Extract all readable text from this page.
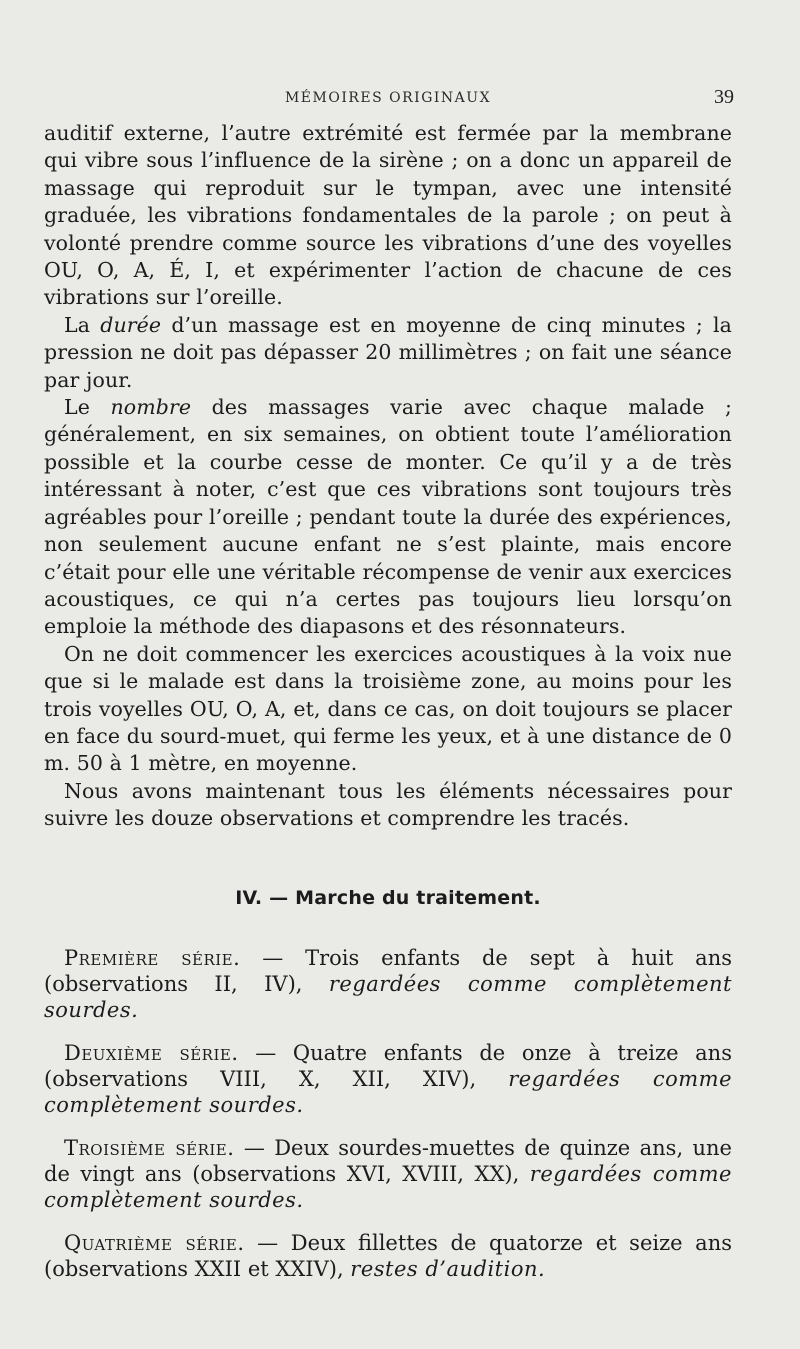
MÉMOIRES ORIGINAUX	39

auditif externe, l’autre extrémité est fermée par la membrane qui vibre sous l’influence de la sirène ; on a donc un appareil de massage qui reproduit sur le tympan, avec une intensité graduée, les vibrations fondamentales de la parole ; on peut à volonté prendre comme source les vibrations d’une des voyelles OU, O, A, É, I, et expérimenter l’action de chacune de ces vibrations sur l’oreille.

La durée d’un massage est en moyenne de cinq minutes ; la pression ne doit pas dépasser 20 millimètres ; on fait une séance par jour.

Le nombre des massages varie avec chaque malade ; généralement, en six semaines, on obtient toute l’amélioration possible et la courbe cesse de monter. Ce qu’il y a de très intéressant à noter, c’est que ces vibrations sont toujours très agréables pour l’oreille ; pendant toute la durée des expériences, non seulement aucune enfant ne s’est plainte, mais encore c’était pour elle une véritable récompense de venir aux exercices acoustiques, ce qui n’a certes pas toujours lieu lorsqu’on emploie la méthode des diapasons et des résonnateurs.

On ne doit commencer les exercices acoustiques à la voix nue que si le malade est dans la troisième zone, au moins pour les trois voyelles OU, O, A, et, dans ce cas, on doit toujours se placer en face du sourd-muet, qui ferme les yeux, et à une distance de 0 m. 50 à 1 mètre, en moyenne.

Nous avons maintenant tous les éléments nécessaires pour suivre les douze observations et comprendre les tracés.

IV. — Marche du traitement.

Première série. — Trois enfants de sept à huit ans (observations II, IV), regardées comme complètement sourdes.

Deuxième série. — Quatre enfants de onze à treize ans (observations VIII, X, XII, XIV), regardées comme complètement sourdes.

Troisième série. — Deux sourdes-muettes de quinze ans, une de vingt ans (observations XVI, XVIII, XX), regardées comme complètement sourdes.

Quatrième série. — Deux fillettes de quatorze et seize ans (observations XXII et XXIV), restes d’audition.
